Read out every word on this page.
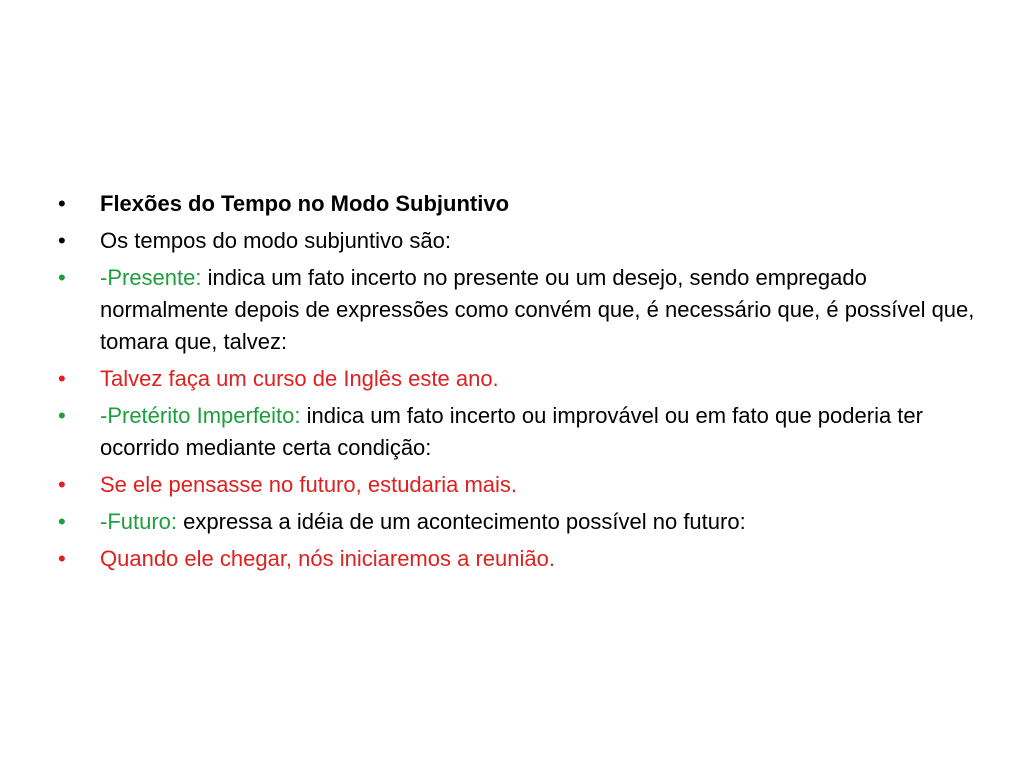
• Flexões do Tempo no Modo Subjuntivo
• Os tempos do modo subjuntivo são:
• -Presente: indica um fato incerto no presente ou um desejo, sendo empregado normalmente depois de expressões como convém que, é necessário que, é possível que, tomara que, talvez:
• Talvez faça um curso de Inglês este ano.
• -Pretérito Imperfeito: indica um fato incerto ou improvável ou em fato que poderia ter ocorrido mediante certa condição:
• Se ele pensasse no futuro, estudaria mais.
• -Futuro: expressa a idéia de um acontecimento possível no futuro:
• Quando ele chegar, nós iniciaremos a reunião.
